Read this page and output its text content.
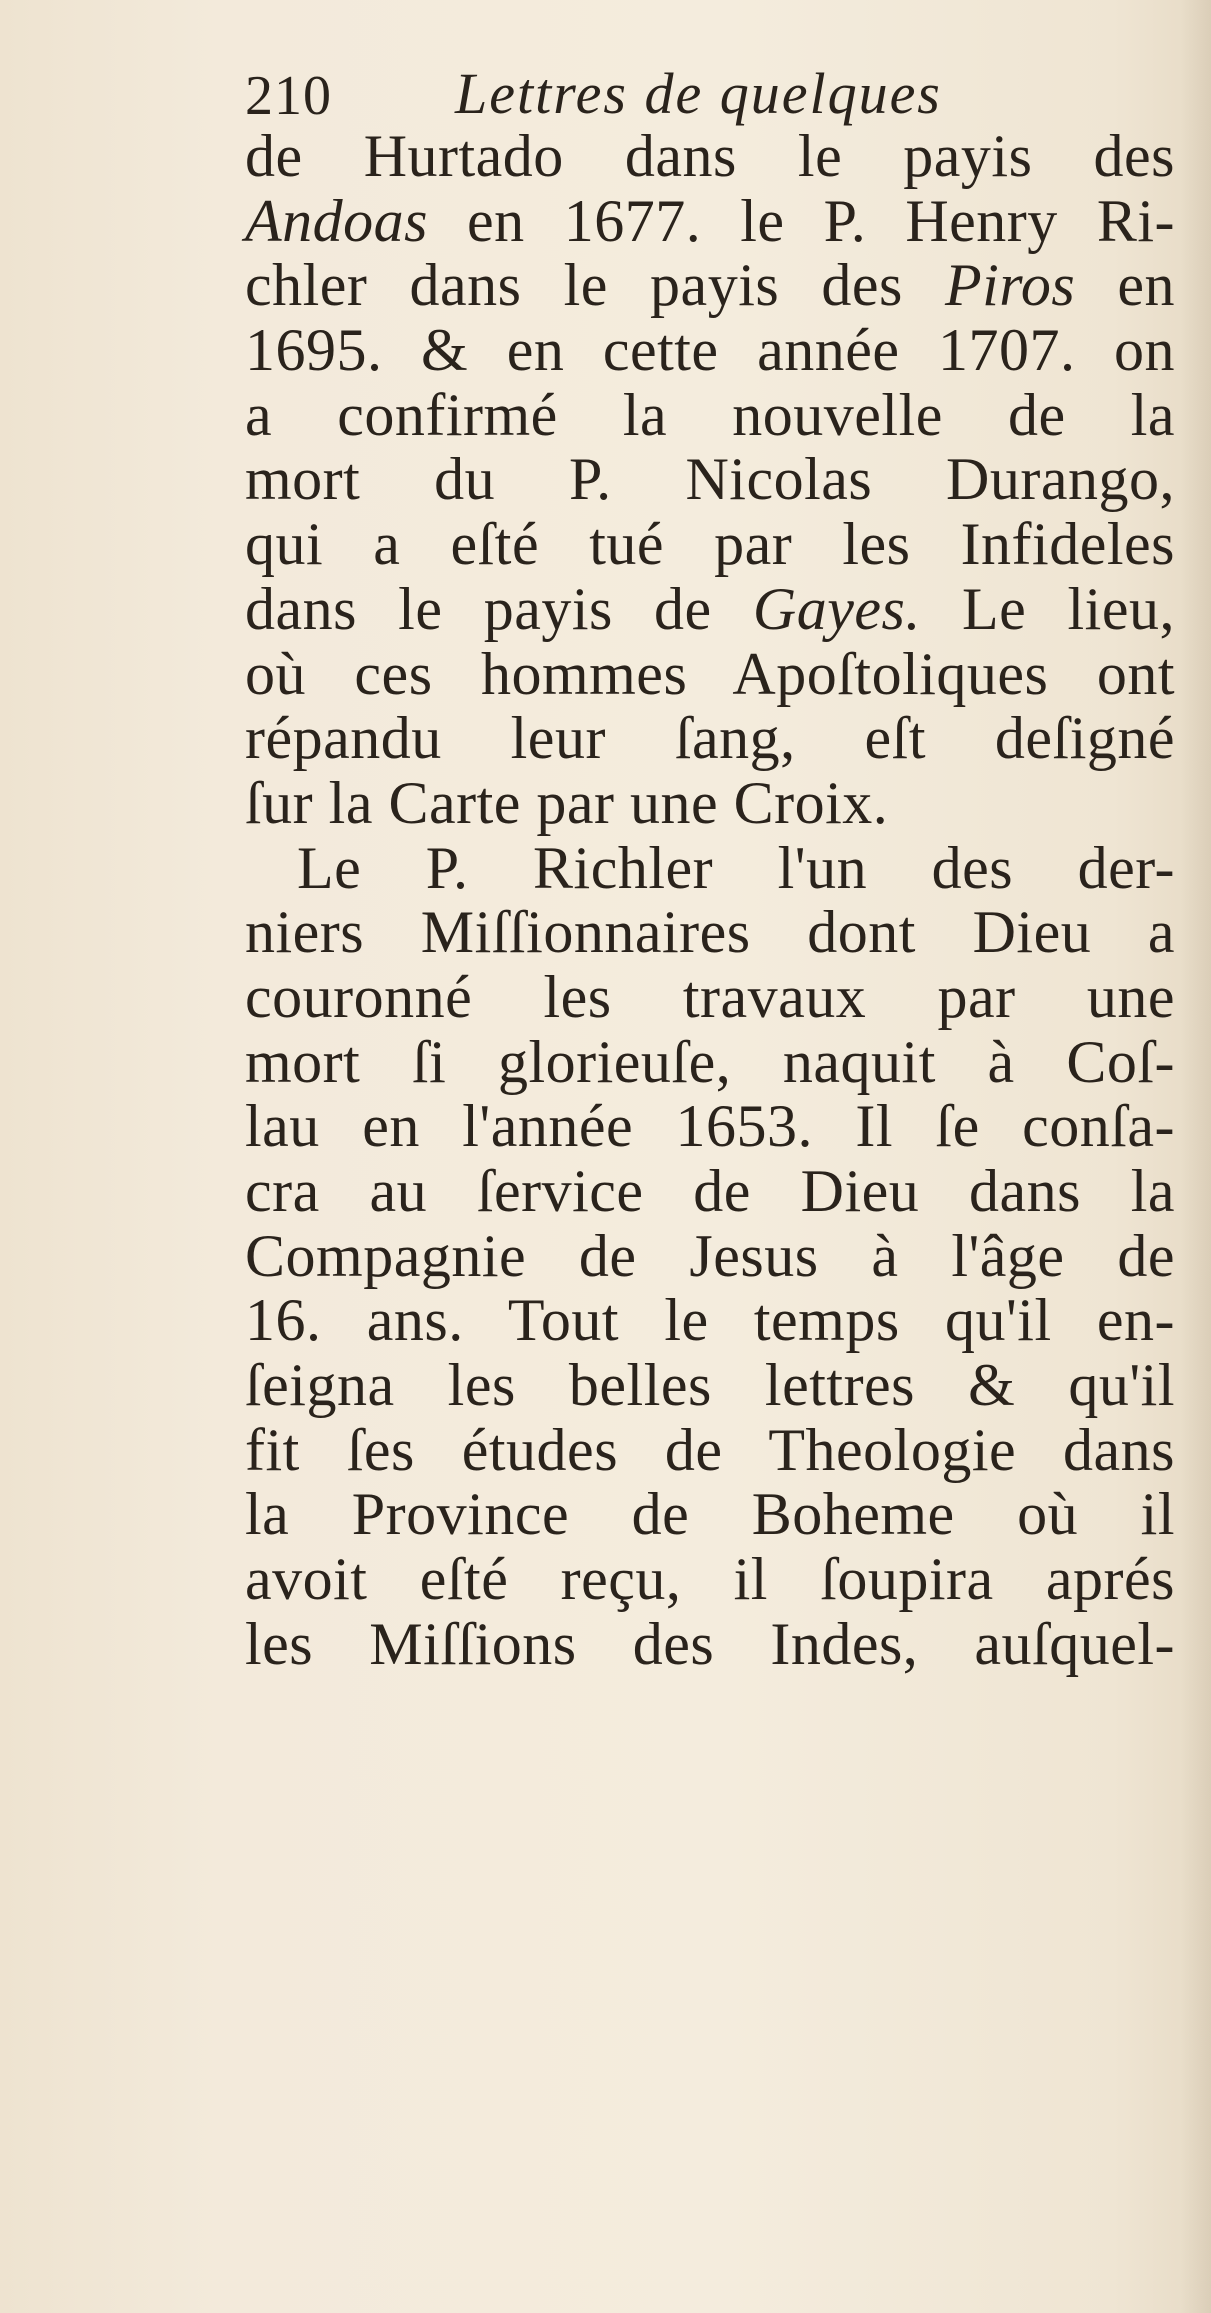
210 Lettres de quelques
de Hurtado dans le payis des
Andoas en 1677. le P. Henry Ri-
chler dans le payis des Piros en
1695. & en cette année 1707. on
a confirmé la nouvelle de la
mort du P. Nicolas Durango,
qui a eſté tué par les Infideles
dans le payis de Gayes. Le lieu,
où ces hommes Apoſtoliques ont
répandu leur ſang, eſt deſigné
ſur la Carte par une Croix.
Le P. Richler l'un des der-
niers Miſſionnaires dont Dieu a
couronné les travaux par une
mort ſi glorieuſe, naquit à Coſ-
lau en l'année 1653. Il ſe conſa-
cra au ſervice de Dieu dans la
Compagnie de Jesus à l'âge de
16. ans. Tout le temps qu'il en-
ſeigna les belles lettres & qu'il
fit ſes études de Theologie dans
la Province de Boheme où il
avoit eſté reçu, il ſoupira aprés
les Miſſions des Indes, auſquel-
